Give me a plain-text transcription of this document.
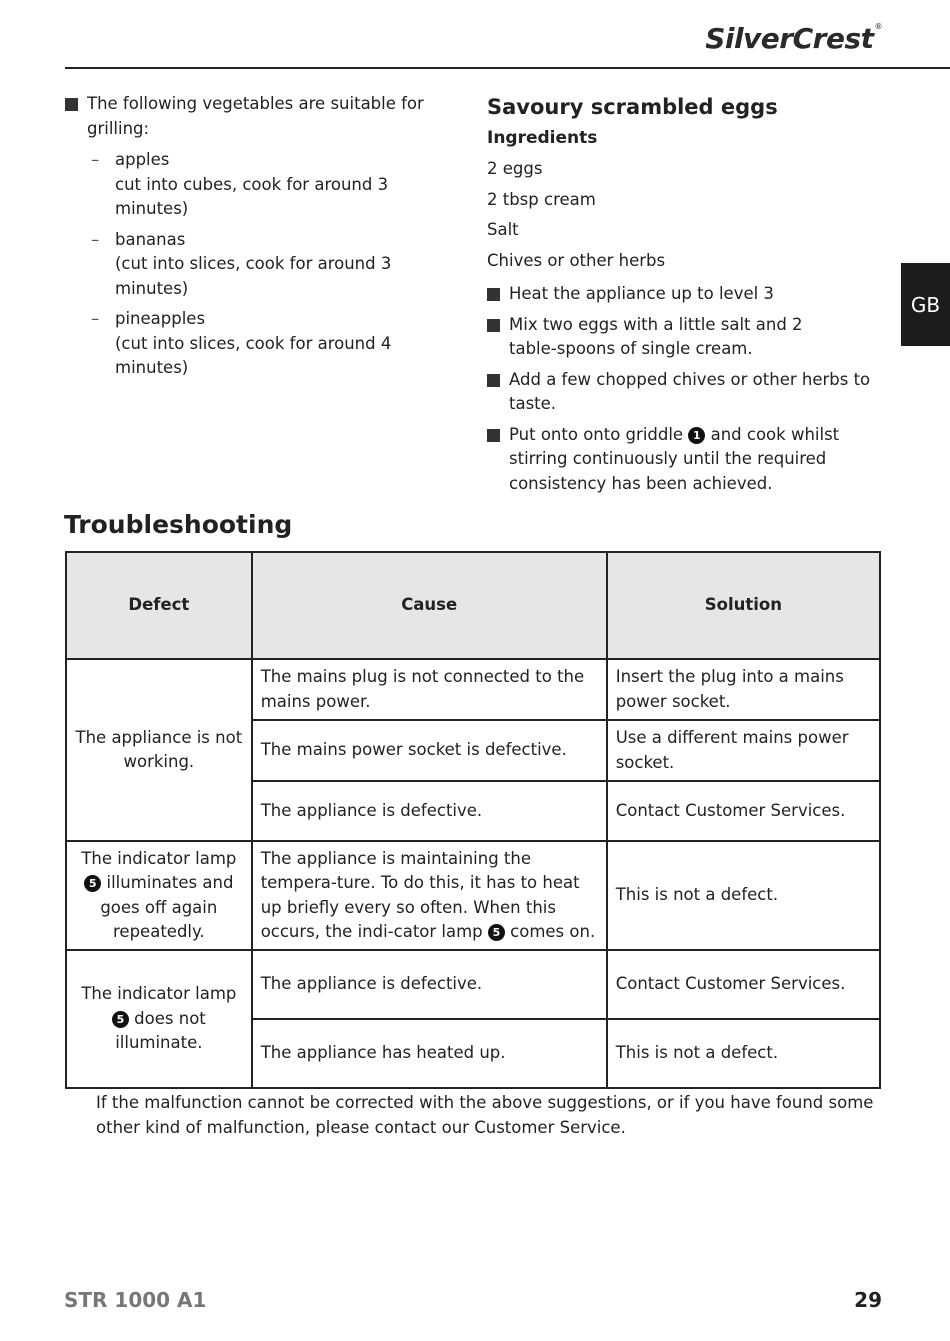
SilverCrest®
GB
The following vegetables are suitable for grilling:
– apples
cut into cubes, cook for around 3 minutes)
– bananas
(cut into slices, cook for around 3 minutes)
– pineapples
(cut into slices, cook for around 4 minutes)
Savoury scrambled eggs
Ingredients
2 eggs
2 tbsp cream
Salt
Chives or other herbs
Heat the appliance up to level 3
Mix two eggs with a little salt and 2 table-spoons of single cream.
Add a few chopped chives or other herbs to taste.
Put onto onto griddle 1 and cook whilst stirring continuously until the required consistency has been achieved.
Troubleshooting
Defect	Cause	Solution
The appliance is not working.	The mains plug is not connected to the mains power.	Insert the plug into a mains power socket.
	The mains power socket is defective.	Use a different mains power socket.
	The appliance is defective.	Contact Customer Services.
The indicator lamp 5 illuminates and goes off again repeatedly.	The appliance is maintaining the tempera-ture. To do this, it has to heat up briefly every so often. When this occurs, the indi-cator lamp 5 comes on.	This is not a defect.
The indicator lamp 5 does not illuminate.	The appliance is defective.	Contact Customer Services.
	The appliance has heated up.	This is not a defect.
If the malfunction cannot be corrected with the above suggestions, or if you have found some other kind of malfunction, please contact our Customer Service.
STR 1000 A1	29
